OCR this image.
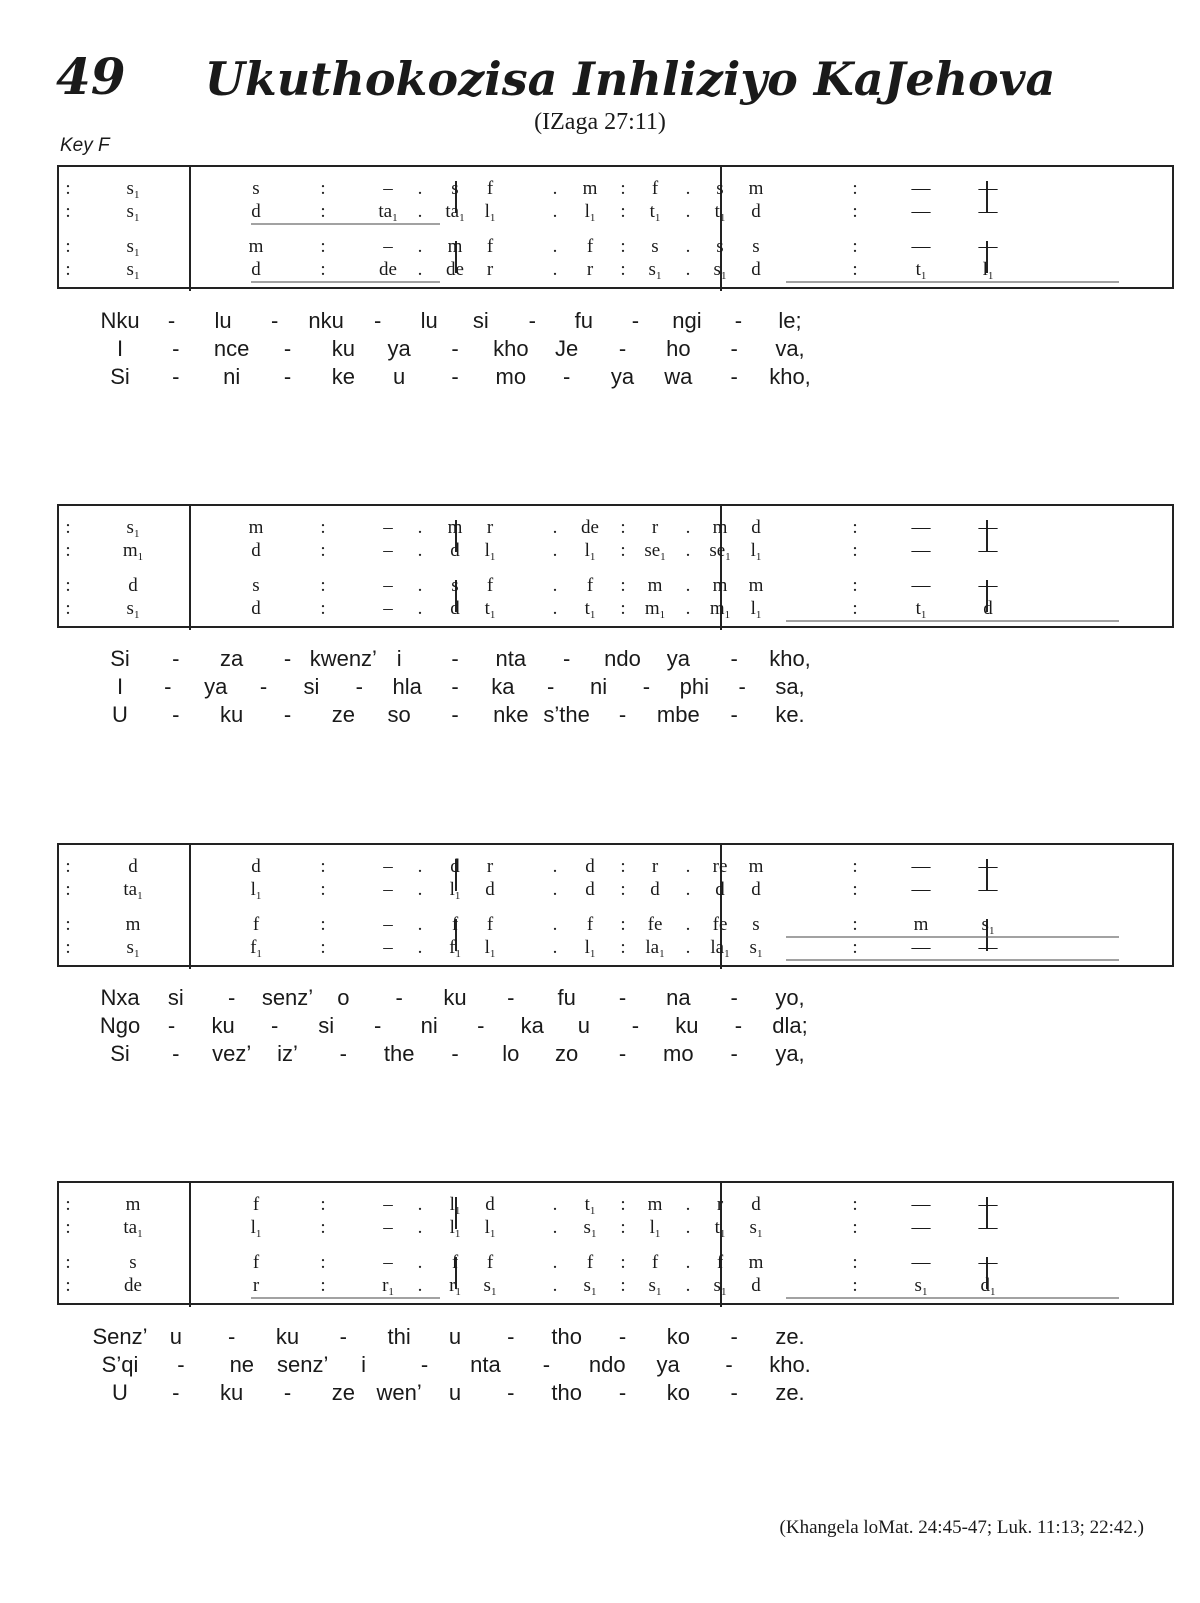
49	Ukuthokozisa Inhliziyo KaJehova
(IZaga 27:11)
Key F
:	$s_1$	s	:	– . s f	. m : f . s m	:	—	—
:	$s_1$	d	:	$ta_1$ . $ta_1$ $l_1$	. $l_1$ : $t_1$ . $t_1$ d	:	—	—
:	$s_1$	m	:	– . m f	. f : s . s s	:	—	—
:	$s_1$	d	:	de . de r	. r : $s_1$ . $s_1$ d	:	$t_1$	$l_1$
Nku - lu - nku - lu si - fu - ngi - le;
I - nce - ku ya - kho Je - ho - va,
Si - ni - ke u - mo - ya wa - kho,
:	$s_1$	m	:	– . m r	. de : r . m d	:	—	—
:	$m_1$	d	:	– . d $l_1$	. $l_1$ : $se_1$ . $se_1$ $l_1$	:	—	—
:	d	s	:	– . s f	. f : m . m m	:	—	—
:	$s_1$	d	:	– . d $t_1$	. $t_1$ : $m_1$ . $m_1$ $l_1$	:	$t_1$	d
Si - za - kwenz’ i - nta - ndo ya - kho,
I - ya - si - hla - ka - ni - phi - sa,
U - ku - ze so - nke s’the - mbe - ke.
:	d	d	:	– . d r	. d : r . re m	:	—	—
:	$ta_1$	$l_1$	:	– . $l_1$ d	. d : d . d d	:	—	—
:	m	f	:	– . f f	. f : fe . fe s	:	m	$s_1$
:	$s_1$	$f_1$	:	– . $f_1$ $l_1$	. $l_1$ : $la_1$ . $la_1$ $s_1$	:	—	—
Nxa si - senz’ o - ku - fu - na - yo,
Ngo - ku - si - ni - ka u - ku - dla;
Si - vez’ iz’ - the - lo zo - mo - ya,
:	m	f	:	– . $l_1$ d	. $t_1$ : m . r d	:	—	—
:	$ta_1$	$l_1$	:	– . $l_1$ $l_1$	. $s_1$ : $l_1$ . $t_1$ $s_1$	:	—	—
:	s	f	:	– . f f	. f : f . f m	:	—	—
:	de	r	:	$r_1$ . $r_1$ $s_1$	. $s_1$ : $s_1$ . $s_1$ d	:	$s_1$	$d_1$
Senz’ u - ku - thi u - tho - ko - ze.
S’qi - ne senz’ i - nta - ndo ya - kho.
U - ku - ze wen’ u - tho - ko - ze.
(Khangela loMat. 24:45-47; Luk. 11:13; 22:42.)
